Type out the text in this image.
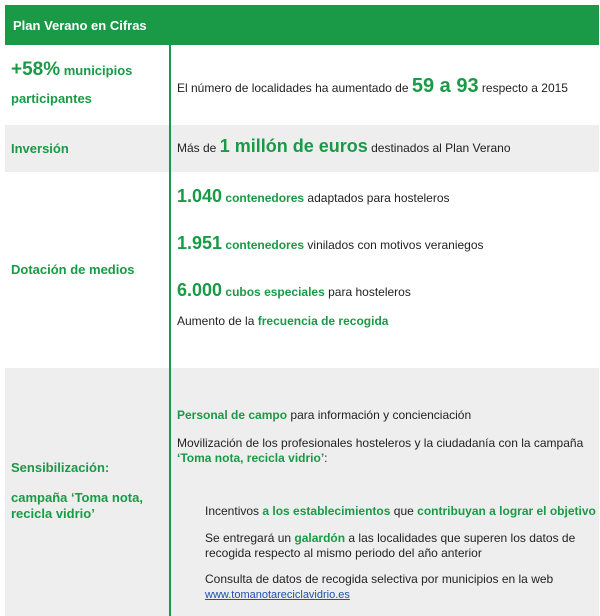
Plan Verano en Cifras
+58% municipios
participantes
El número de localidades ha aumentado de 59 a 93 respecto a 2015
Inversión	Más de 1 millón de euros destinados al Plan Verano
Dotación de medios
1.040 contenedores adaptados para hosteleros
1.951 contenedores vinilados con motivos veraniegos
6.000 cubos especiales para hosteleros
Aumento de la frecuencia de recogida
Sensibilización:
campaña ‘Toma nota,
recicla vidrio’
Personal de campo para información y concienciación
Movilización de los profesionales hosteleros y la ciudadanía con la campaña
‘Toma nota, recicla vidrio’:
Incentivos a los establecimientos que contribuyan a lograr el objetivo
Se entregará un galardón a las localidades que superen los datos de
recogida respecto al mismo periodo del año anterior
Consulta de datos de recogida selectiva por municipios en la web
www.tomanotareciclavidrio.es
